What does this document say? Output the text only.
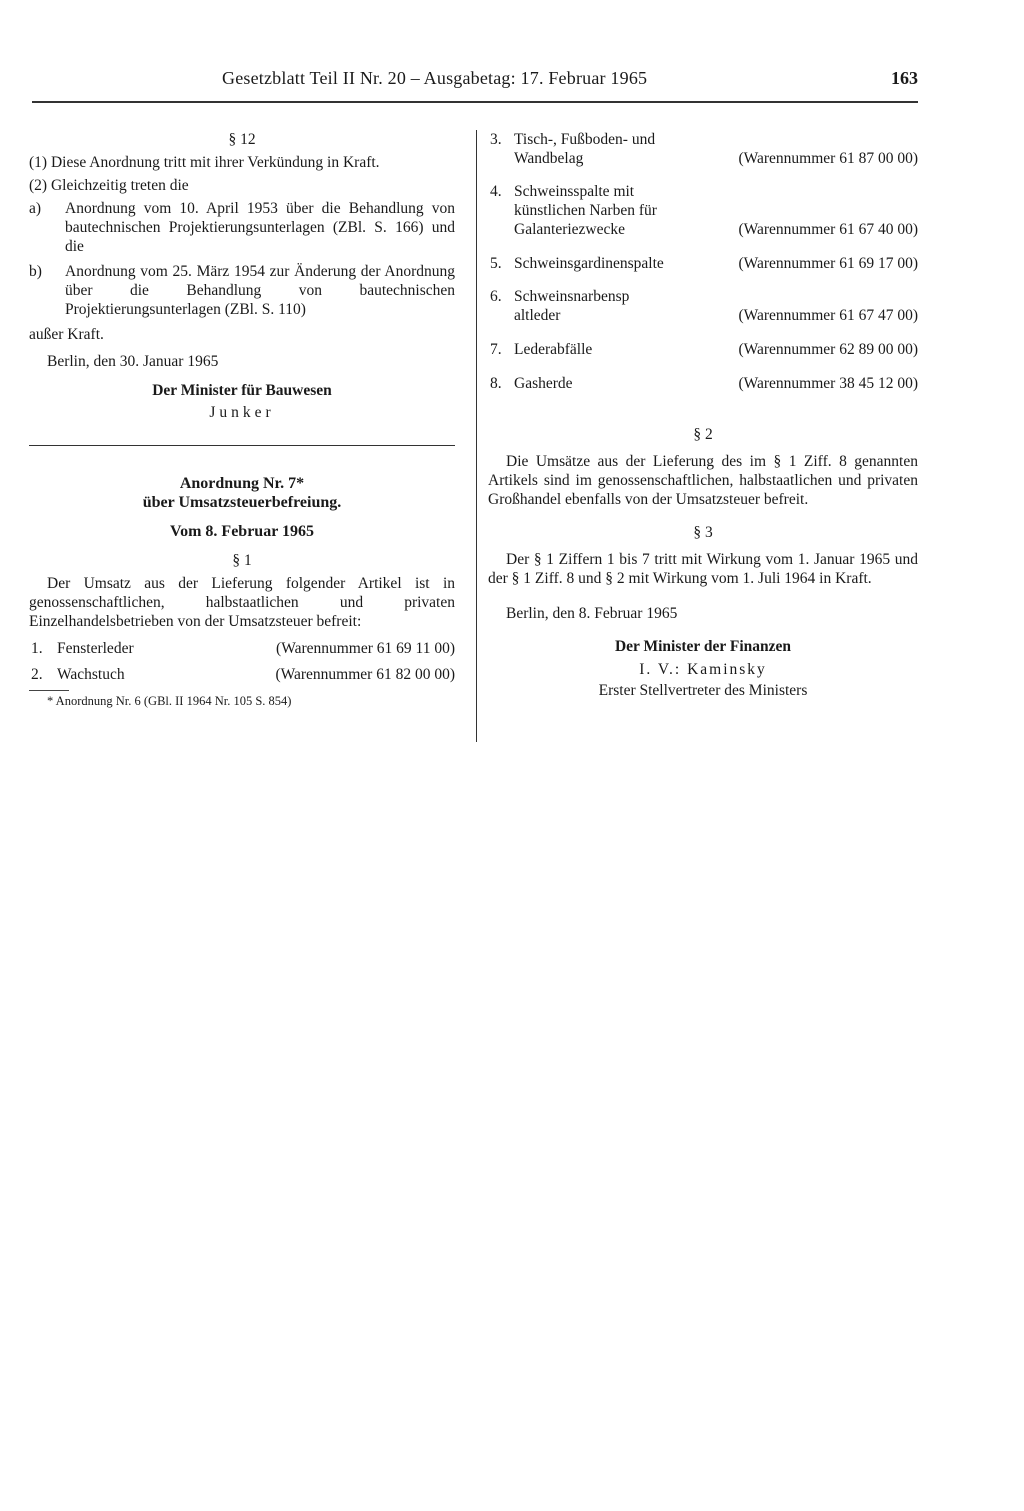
Gesetzblatt Teil II Nr. 20 – Ausgabetag: 17. Februar 1965	163
§ 12

(1) Diese Anordnung tritt mit ihrer Verkündung in Kraft.

(2) Gleichzeitig treten die

a) Anordnung vom 10. April 1953 über die Behandlung von bautechnischen Projektierungsunterlagen (ZBl. S. 166) und die
b) Anordnung vom 25. März 1954 zur Änderung der Anordnung über die Behandlung von bautechnischen Projektierungsunterlagen (ZBl. S. 110)

außer Kraft.

Berlin, den 30. Januar 1965

Der Minister für Bauwesen
Junker
Anordnung Nr. 7*
über Umsatzsteuerbefreiung.
Vom 8. Februar 1965
§ 1

Der Umsatz aus der Lieferung folgender Artikel ist in genossenschaftlichen, halbstaatlichen und privaten Einzelhandelsbetrieben von der Umsatzsteuer befreit:

1. Fensterleder	(Warennummer 61 69 11 00)
2. Wachstuch	(Warennummer 61 82 00 00)
* Anordnung Nr. 6 (GBl. II 1964 Nr. 105 S. 854)
3. Tisch-, Fußboden- und Wandbelag	(Warennummer 61 87 00 00)
4. Schweinsspalte mit künstlichen Narben für Galanteriezwecke	(Warennummer 61 67 40 00)
5. Schweinsgardinenspalte	(Warennummer 61 69 17 00)
6. Schweinsnarbenspaltleder	(Warennummer 61 67 47 00)
7. Lederabfälle	(Warennummer 62 89 00 00)
8. Gasherde	(Warennummer 38 45 12 00)
§ 2

Die Umsätze aus der Lieferung des im § 1 Ziff. 8 genannten Artikels sind im genossenschaftlichen, halbstaatlichen und privaten Großhandel ebenfalls von der Umsatzsteuer befreit.

§ 3

Der § 1 Ziffern 1 bis 7 tritt mit Wirkung vom 1. Januar 1965 und der § 1 Ziff. 8 und § 2 mit Wirkung vom 1. Juli 1964 in Kraft.

Berlin, den 8. Februar 1965

Der Minister der Finanzen
I. V.: Kaminsky
Erster Stellvertreter des Ministers
